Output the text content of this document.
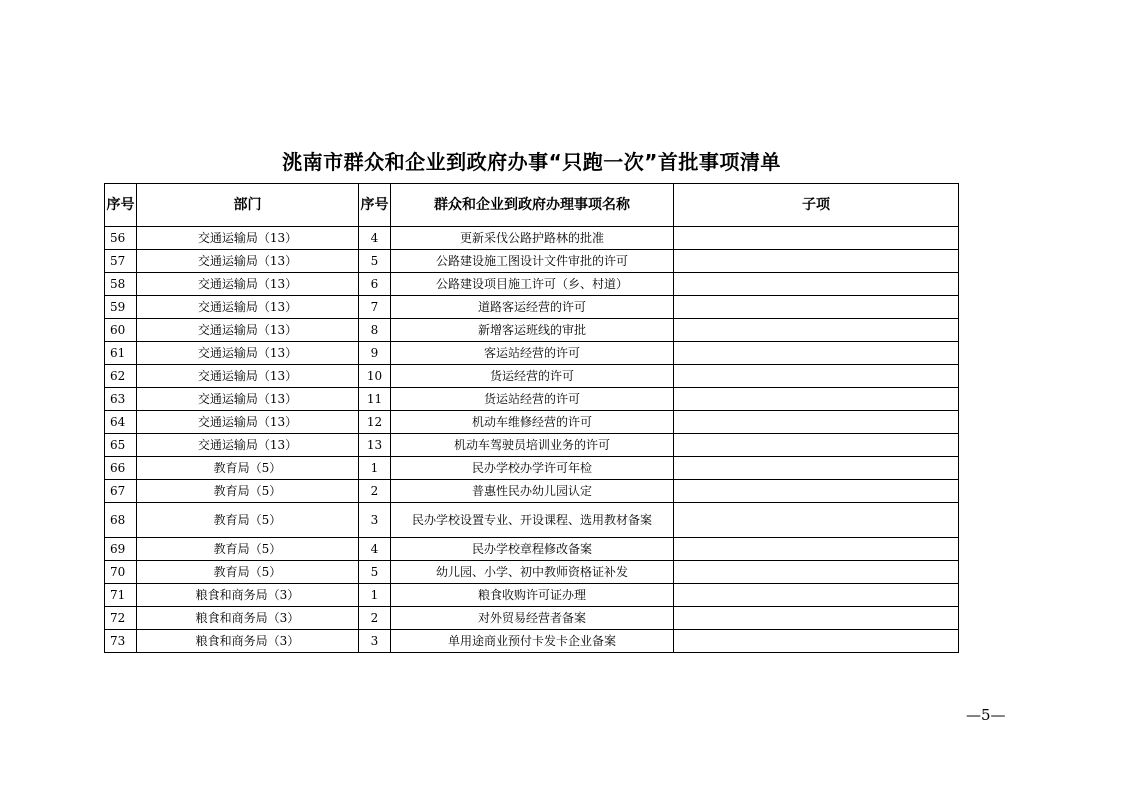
洮南市群众和企业到政府办事“只跑一次”首批事项清单
序号	部门	序号	群众和企业到政府办理事项名称	子项
56	交通运输局（13）	4	更新采伐公路护路林的批准	
57	交通运输局（13）	5	公路建设施工图设计文件审批的许可	
58	交通运输局（13）	6	公路建设项目施工许可（乡、村道）	
59	交通运输局（13）	7	道路客运经营的许可	
60	交通运输局（13）	8	新增客运班线的审批	
61	交通运输局（13）	9	客运站经营的许可	
62	交通运输局（13）	10	货运经营的许可	
63	交通运输局（13）	11	货运站经营的许可	
64	交通运输局（13）	12	机动车维修经营的许可	
65	交通运输局（13）	13	机动车驾驶员培训业务的许可	
66	教育局（5）	1	民办学校办学许可年检	
67	教育局（5）	2	普惠性民办幼儿园认定	
68	教育局（5）	3	民办学校设置专业、开设课程、选用教材备案	
69	教育局（5）	4	民办学校章程修改备案	
70	教育局（5）	5	幼儿园、小学、初中教师资格证补发	
71	粮食和商务局（3）	1	粮食收购许可证办理	
72	粮食和商务局（3）	2	对外贸易经营者备案	
73	粮食和商务局（3）	3	单用途商业预付卡发卡企业备案	
—5—
